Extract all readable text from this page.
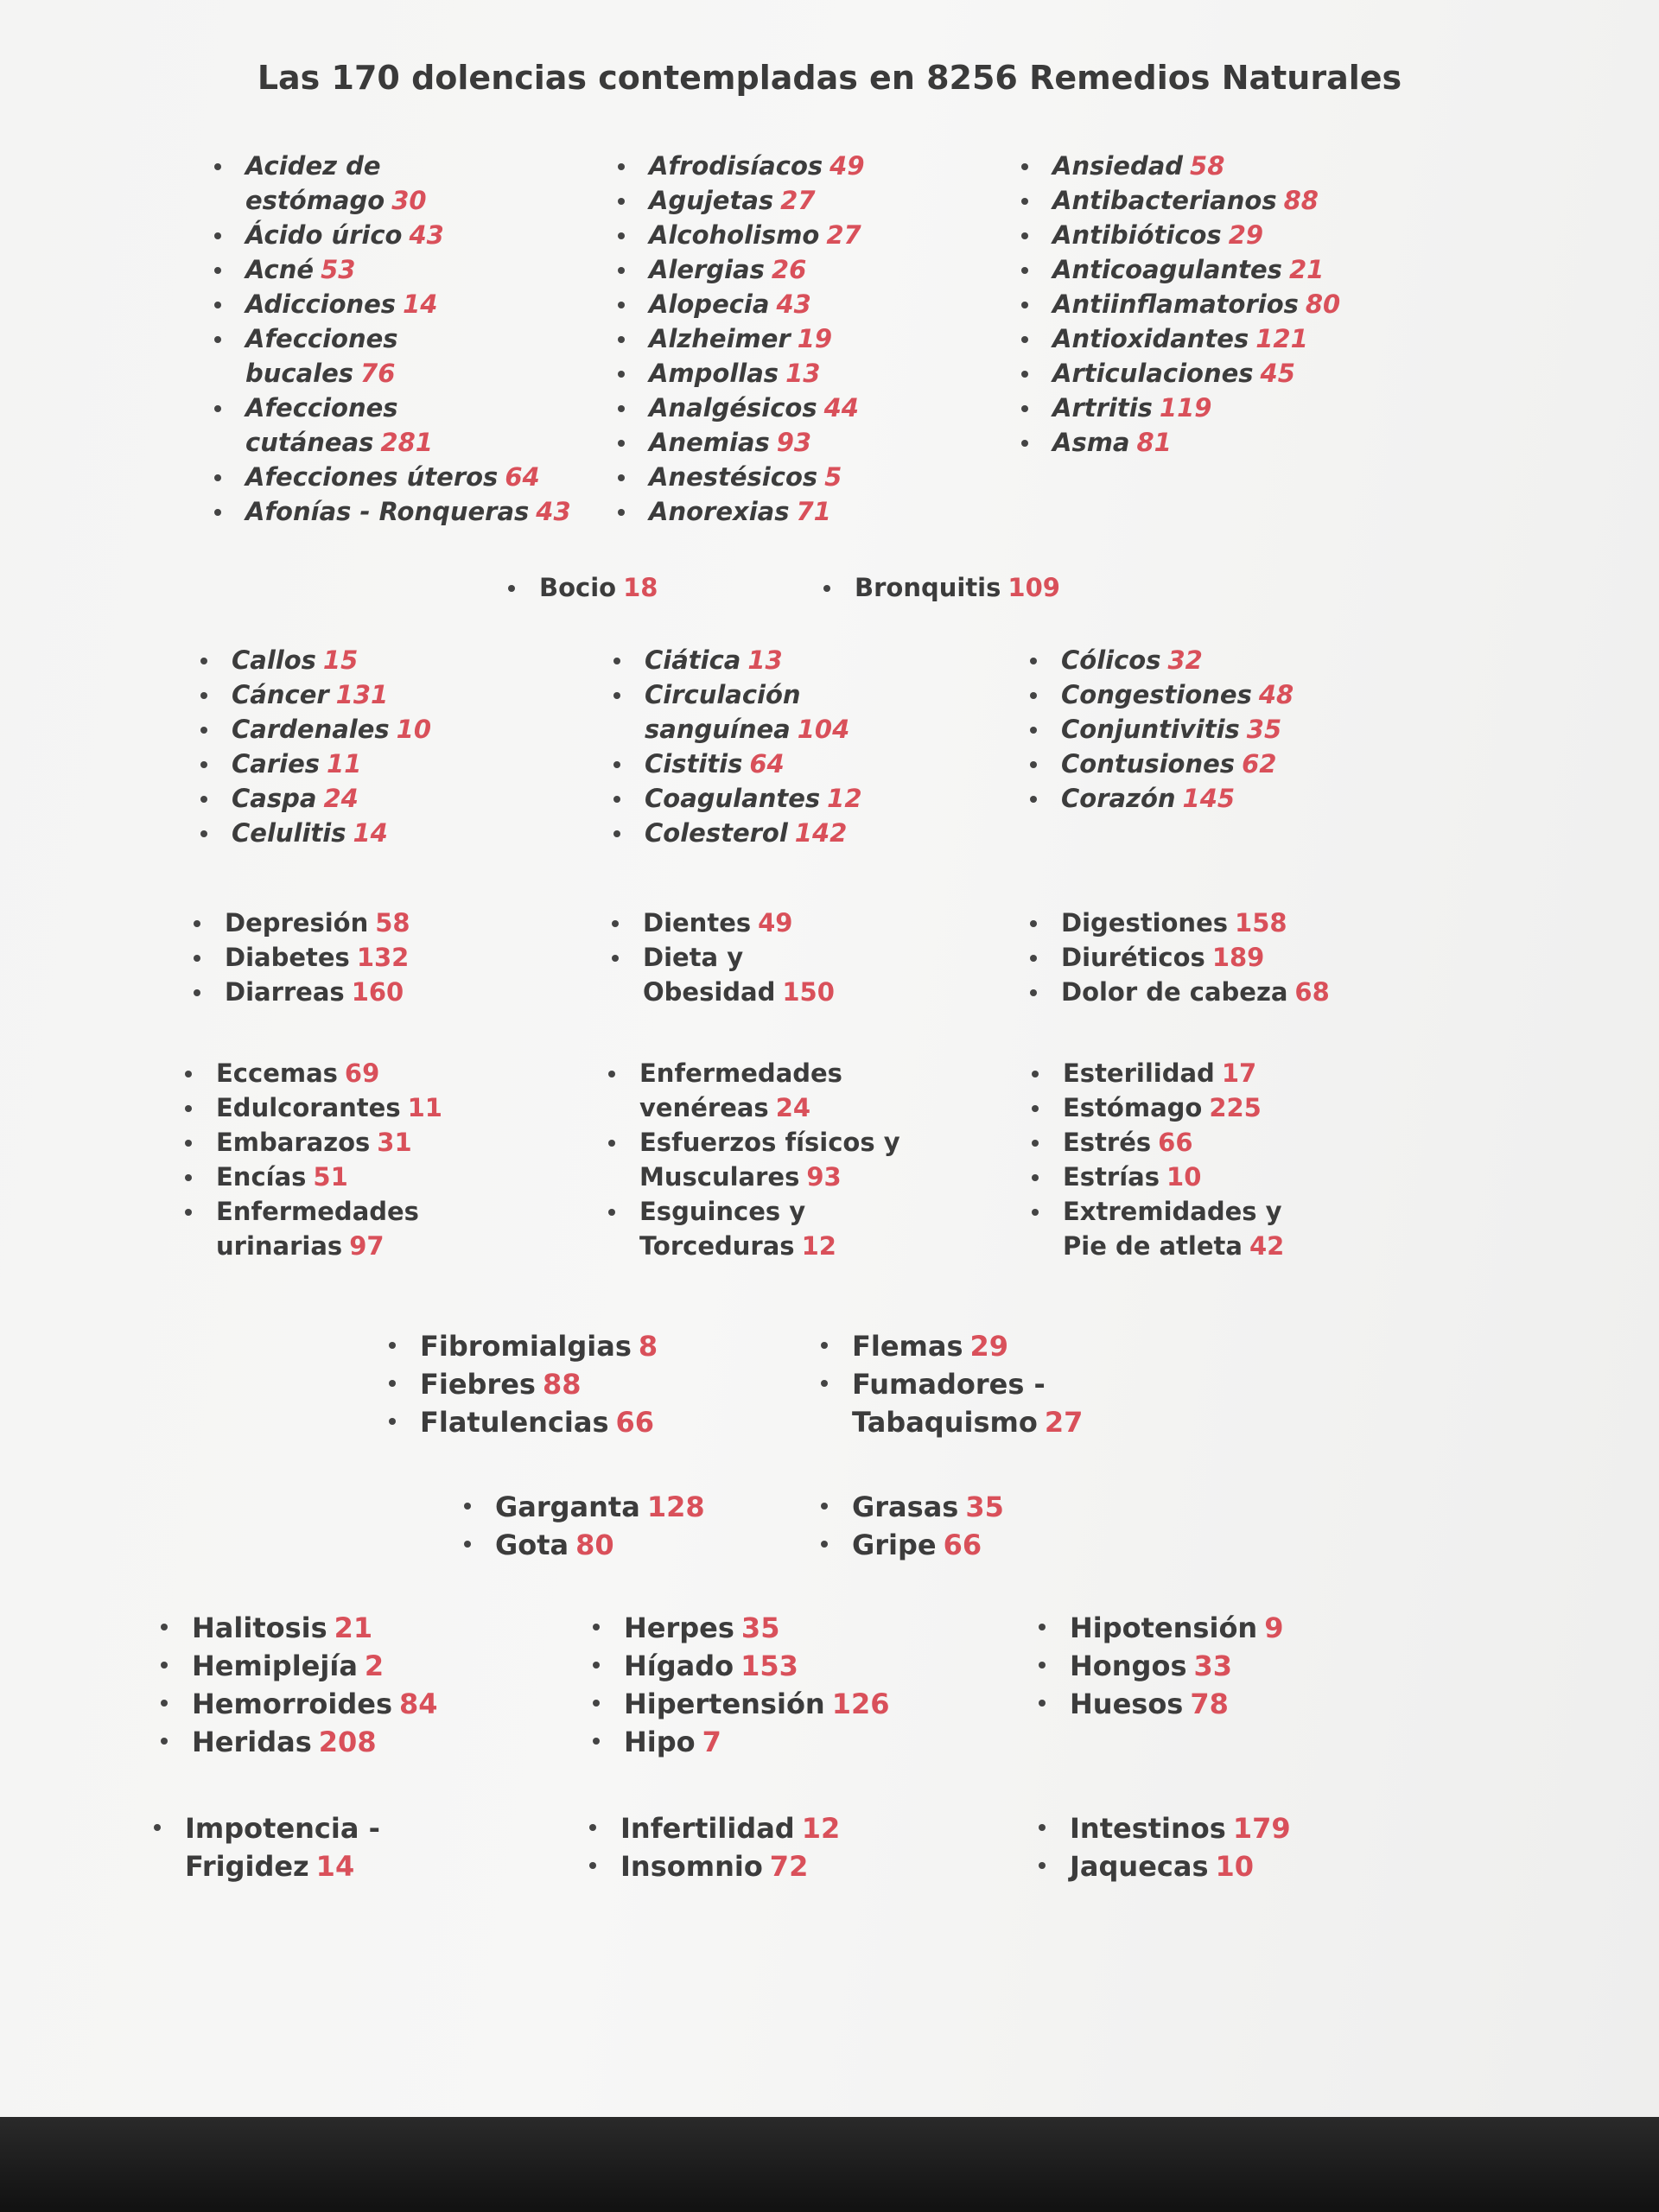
Las 170 dolencias contempladas en 8256 Remedios Naturales
Acidez de
estómago 30
Ácido úrico 43
Acné 53
Adicciones 14
Afecciones
bucales 76
Afecciones
cutáneas 281
Afecciones úteros 64
Afonías - Ronqueras 43
Afrodisíacos 49
Agujetas 27
Alcoholismo 27
Alergias 26
Alopecia 43
Alzheimer 19
Ampollas 13
Analgésicos 44
Anemias 93
Anestésicos 5
Anorexias 71
Ansiedad 58
Antibacterianos 88
Antibióticos 29
Anticoagulantes 21
Antiinflamatorios 80
Antioxidantes 121
Articulaciones 45
Artritis 119
Asma 81
Bocio 18	Bronquitis 109
Callos 15
Cáncer 131
Cardenales 10
Caries 11
Caspa 24
Celulitis 14
Ciática 13
Circulación
sanguínea 104
Cistitis 64
Coagulantes 12
Colesterol 142
Cólicos 32
Congestiones 48
Conjuntivitis 35
Contusiones 62
Corazón 145
Depresión 58
Diabetes 132
Diarreas 160
Dientes 49
Dieta y
Obesidad 150
Digestiones 158
Diuréticos 189
Dolor de cabeza 68
Eccemas 69
Edulcorantes 11
Embarazos 31
Encías 51
Enfermedades
urinarias 97
Enfermedades
venéreas 24
Esfuerzos físicos y
Musculares 93
Esguinces y
Torceduras 12
Esterilidad 17
Estómago 225
Estrés 66
Estrías 10
Extremidades y
Pie de atleta 42
Fibromialgias 8
Fiebres 88
Flatulencias 66
Flemas 29
Fumadores -Tabaquismo 27
Garganta 128
Gota 80
Grasas 35
Gripe 66
Halitosis 21
Hemiplejía 2
Hemorroides 84
Heridas 208
Herpes 35
Hígado 153
Hipertensión 126
Hipo 7
Hipotensión 9
Hongos 33
Huesos 78
Impotencia -
Frigidez 14
Infertilidad 12
Insomnio 72
Intestinos 179
Jaquecas 10
